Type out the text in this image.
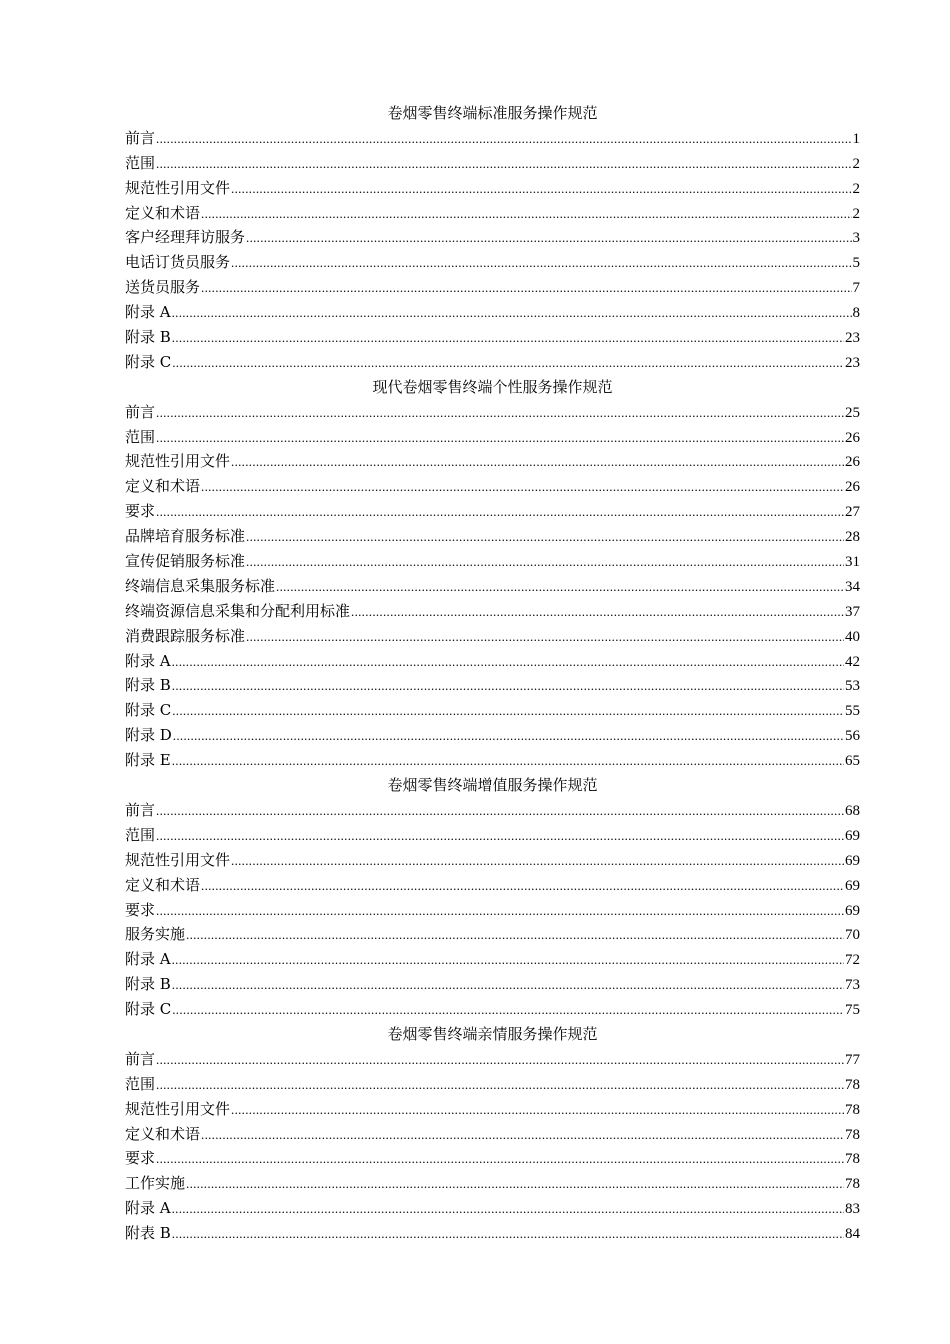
卷烟零售终端标准服务操作规范
前言 .....	1
范围 .....	2
规范性引用文件 .....	2
定义和术语 .....	2
客户经理拜访服务 .....	3
电话订货员服务 .....	5
送货员服务 .....	7
附录 A .....	8
附录 B .....	23
附录 C .....	23
现代卷烟零售终端个性服务操作规范
前言 .....	25
范围 .....	26
规范性引用文件 .....	26
定义和术语 .....	26
要求 .....	27
品牌培育服务标准 .....	28
宣传促销服务标准 .....	31
终端信息采集服务标准 .....	34
终端资源信息采集和分配利用标准 .....	37
消费跟踪服务标准 .....	40
附录 A .....	42
附录 B .....	53
附录 C .....	55
附录 D .....	56
附录 E .....	65
卷烟零售终端增值服务操作规范
前言 .....	68
范围 .....	69
规范性引用文件 .....	69
定义和术语 .....	69
要求 .....	69
服务实施 .....	70
附录 A .....	72
附录 B .....	73
附录 C .....	75
卷烟零售终端亲情服务操作规范
前言 .....	77
范围 .....	78
规范性引用文件 .....	78
定义和术语 .....	78
要求 .....	78
工作实施 .....	78
附录 A .....	83
附表 B .....	84
